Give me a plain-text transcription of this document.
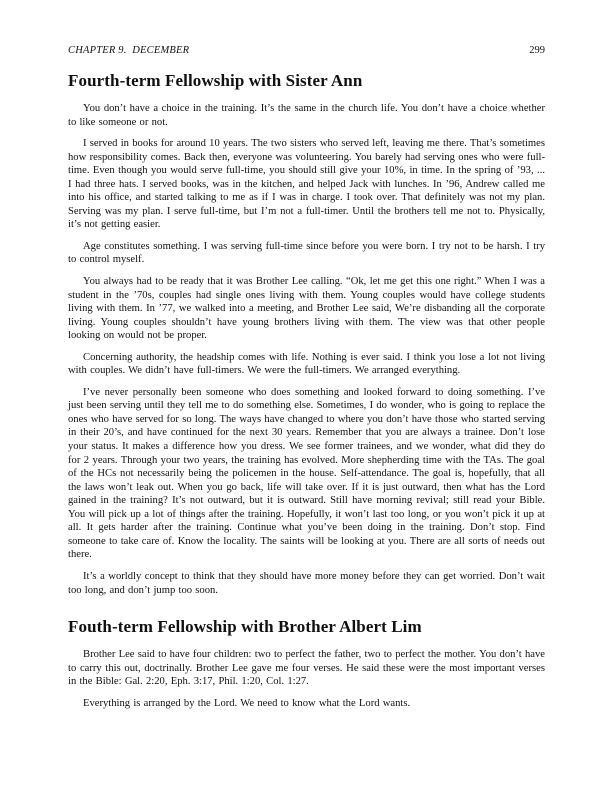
CHAPTER 9.  DECEMBER	299
Fourth-term Fellowship with Sister Ann

You don’t have a choice in the training. It’s the same in the church life. You don’t have a choice whether to like someone or not.

I served in books for around 10 years. The two sisters who served left, leaving me there. That’s sometimes how responsibility comes. Back then, everyone was volunteering. You barely had serving ones who were full-time. Even though you would serve full-time, you should still give your 10%, in time. In the spring of ’93, ... I had three hats. I served books, was in the kitchen, and helped Jack with lunches. In ’96, Andrew called me into his office, and started talking to me as if I was in charge. I took over. That definitely was not my plan. Serving was my plan. I serve full-time, but I’m not a full-timer. Until the brothers tell me not to. Physically, it’s not getting easier.

Age constitutes something. I was serving full-time since before you were born. I try not to be harsh. I try to control myself.

You always had to be ready that it was Brother Lee calling. “Ok, let me get this one right.” When I was a student in the ’70s, couples had single ones living with them. Young couples would have college students living with them. In ’77, we walked into a meeting, and Brother Lee said, We’re disbanding all the corporate living. Young couples shouldn’t have young brothers living with them. The view was that other people looking on would not be proper.

Concerning authority, the headship comes with life. Nothing is ever said. I think you lose a lot not living with couples. We didn’t have full-timers. We were the full-timers. We arranged everything.

I’ve never personally been someone who does something and looked forward to doing something. I’ve just been serving until they tell me to do something else. Sometimes, I do wonder, who is going to replace the ones who have served for so long. The ways have changed to where you don’t have those who started serving in their 20’s, and have continued for the next 30 years. Remember that you are always a trainee. Don’t lose your status. It makes a difference how you dress. We see former trainees, and we wonder, what did they do for 2 years. Through your two years, the training has evolved. More shepherding time with the TAs. The goal of the HCs not necessarily being the policemen in the house. Self-attendance. The goal is, hopefully, that all the laws won’t leak out. When you go back, life will take over. If it is just outward, then what has the Lord gained in the training? It’s not outward, but it is outward. Still have morning revival; still read your Bible. You will pick up a lot of things after the training. Hopefully, it won’t last too long, or you won’t pick it up at all. It gets harder after the training. Continue what you’ve been doing in the training. Don’t stop. Find someone to take care of. Know the locality. The saints will be looking at you. There are all sorts of needs out there.

It’s a worldly concept to think that they should have more money before they can get worried. Don’t wait too long, and don’t jump too soon.

Fouth-term Fellowship with Brother Albert Lim

Brother Lee said to have four children: two to perfect the father, two to perfect the mother. You don’t have to carry this out, doctrinally. Brother Lee gave me four verses. He said these were the most important verses in the Bible: Gal. 2:20, Eph. 3:17, Phil. 1:20, Col. 1:27.

Everything is arranged by the Lord. We need to know what the Lord wants.
